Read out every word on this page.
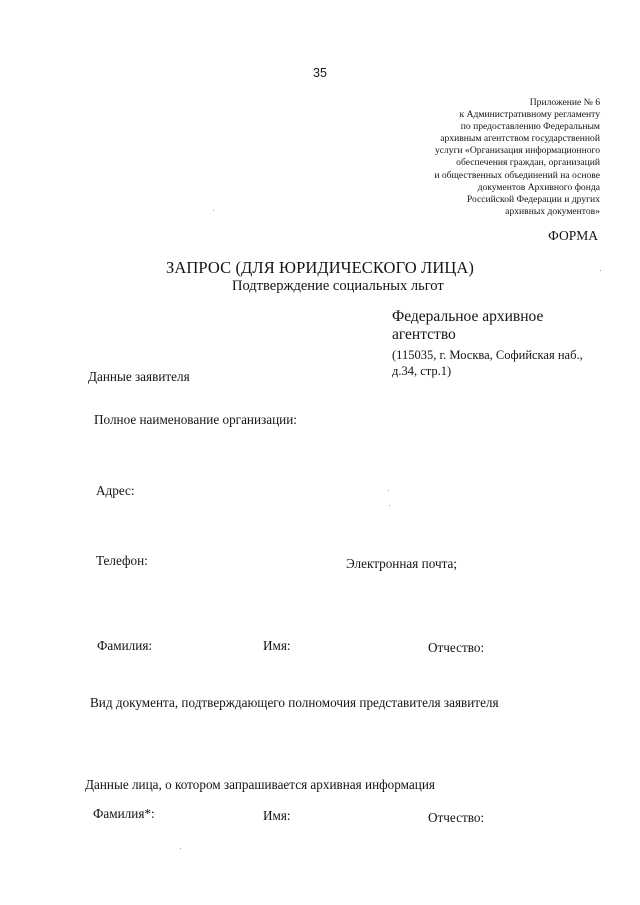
35
Приложение № 6
к Административному регламенту
по предоставлению Федеральным
архивным агентством государственной
услуги «Организация информационного
обеспечения граждан, организаций
и общественных объединений на основе
документов Архивного фонда
Российской Федерации и других
архивных документов»
ФОРМА
ЗАПРОС (ДЛЯ ЮРИДИЧЕСКОГО ЛИЦА)
Подтверждение социальных льгот
Федеральное архивное
агентство
(115035, г. Москва, Софийская наб.,
д.34, стр.1)
Данные заявителя
Полное наименование организации:
Адрес:
Телефон:	Электронная почта;
Фамилия:	Имя:	Отчество:
Вид документа, подтверждающего полномочия представителя заявителя
Данные лица, о котором запрашивается архивная информация
Фамилия*:	Имя:	Отчество:
